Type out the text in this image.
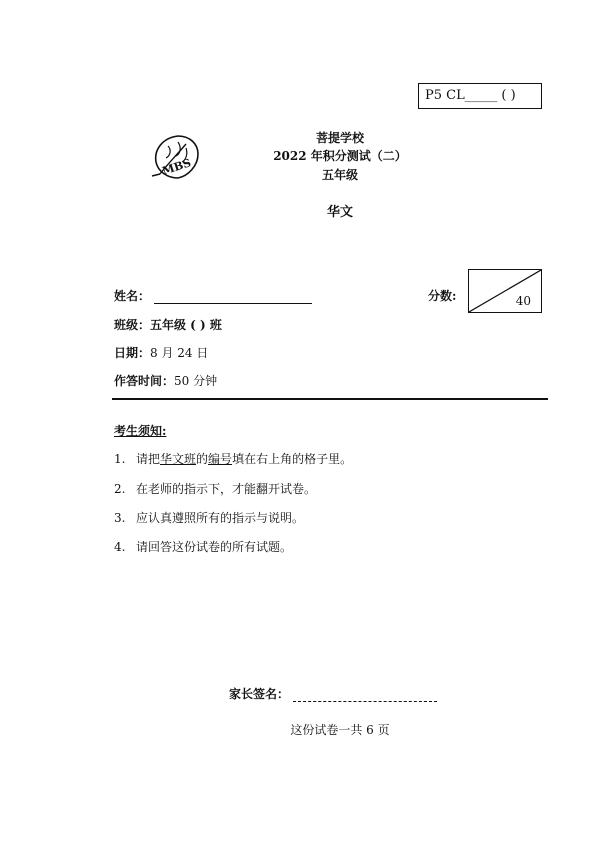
P5 CL_____ ( )
MBS
菩提学校
2022 年积分测试（二）
五年级
华文
姓名：
班级：五年级 ( ) 班
日期：8 月 24 日
作答时间：50 分钟
分数:	40
考生须知:
1. 请把华文班的编号填在右上角的格子里。
2. 在老师的指示下，才能翻开试卷。
3. 应认真遵照所有的指示与说明。
4. 请回答这份试卷的所有试题。
家长签名：
这份试卷一共 6 页
